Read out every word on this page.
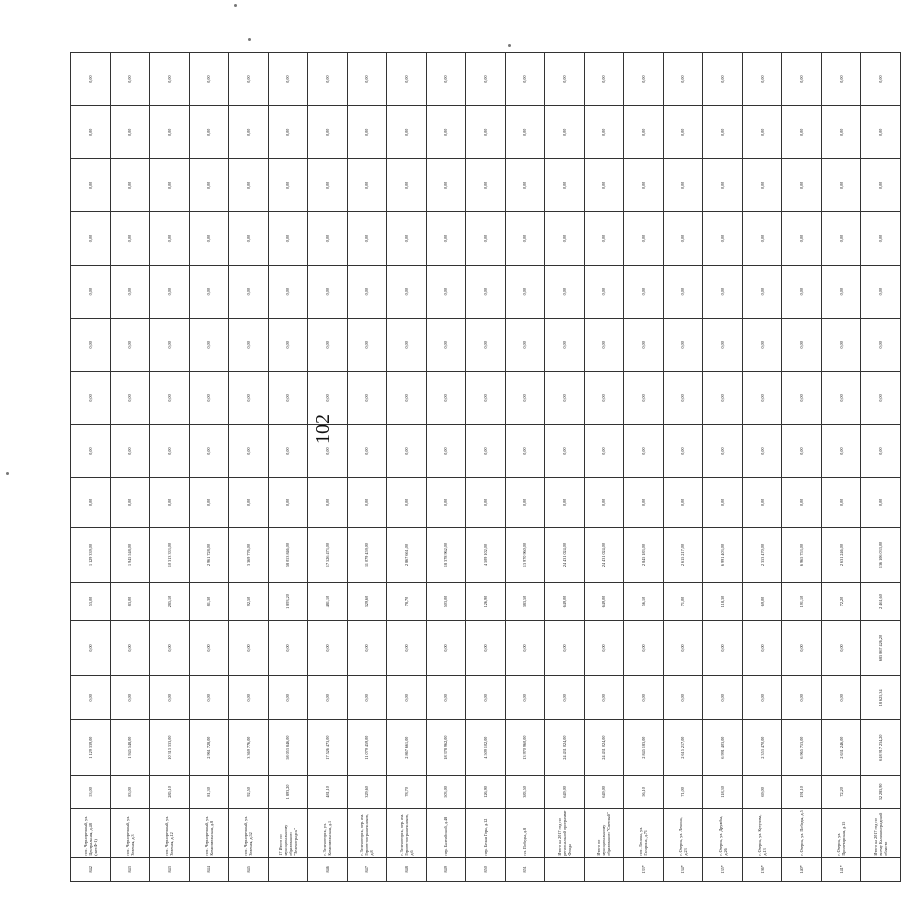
102
842	пос. Черноречный, ул. Центральная, д.48 (лит.Ф-1)	53,00	1 129 339,00	0,00	0,00	53,00	1 129 339,00	0,00	0,00	0,00	0,00	0,00	0,00	0,00	0,00	0,00
843	пос. Черноречный, ул. Зеленая, д.3	83,00	1 945 548,00	0,00	0,00	83,00	1 945 548,00	0,00	0,00	0,00	0,00	0,00	0,00	0,00	0,00	0,00
843	пос. Черноречный, ул. Зеленая, д.12	285,10	10 313 333,00	0,00	0,00	285,10	10 313 333,00	0,00	0,00	0,00	0,00	0,00	0,00	0,00	0,00	0,00
844	пос. Черноречный, ул. Комсомольская, д.8	81,30	2 961 728,00	0,00	0,00	81,30	2 961 728,00	0,00	0,00	0,00	0,00	0,00	0,00	0,00	0,00	0,00
845	пос. Черноречный, ул. Зеленая, д.52	92,50	3 369 776,00	0,00	0,00	92,50	3 369 776,00	0,00	0,00	0,00	0,00	0,00	0,00	0,00	0,00	0,00
	17 Итого по муниципальному образованию "Зеленоградск"	1 893,20	58 053 846,00	0,00	0,00	1 893,20	58 053 846,00	0,00	0,00	0,00	0,00	0,00	0,00	0,00	0,00	0,00
846	г. Зеленогорск, ул. Комсомольская, д.1	481,10	17 526 473,00	0,00	0,00	481,10	17 526 473,00	0,00	0,00	0,00	0,00	0,00	0,00	0,00	0,00	0,00
847	г. Зеленогорск, пер. им. Героев-пограничников, д.8	329,60	11 079 459,00	0,00	0,00	329,60	11 079 459,00	0,00	0,00	0,00	0,00	0,00	0,00	0,00	0,00	0,00
848	г. Зеленогорск, пер. им. Героев-пограничников, д.6	78,70	2 867 661,00	0,00	0,00	78,70	2 867 661,00	0,00	0,00	0,00	0,00	0,00	0,00	0,00	0,00	0,00
849	пер. Балтийский, д.48	503,00	18 378 962,00	0,00	0,00	503,00	18 378 962,00	0,00	0,00	0,00	0,00	0,00	0,00	0,00	0,00	0,00
850	пер. Белая Гора, д.12	126,90	4 509 102,00	0,00	0,00	126,90	4 509 102,00	0,00	0,00	0,00	0,00	0,00	0,00	0,00	0,00	0,00
851	пл. Победы, д.8	383,50	13 970 960,00	0,00	0,00	383,50	13 970 960,00	0,00	0,00	0,00	0,00	0,00	0,00	0,00	0,00	0,00
	Итого на 2017 год по региональной программе Фонда	649,00	24 431 024,00	0,00	0,00	649,00	24 431 024,00	0,00	0,00	0,00	0,00	0,00	0,00	0,00	0,00	0,00
	Итого по муниципальному образованию "Светлый"	649,00	24 431 024,00	0,00	0,00	649,00	24 431 024,00	0,00	0,00	0,00	0,00	0,00	0,00	0,00	0,00	0,00
133*	пос. Ленина, ул. Гагарина, д.71	56,10	2 845 183,00	0,00	0,00	56,10	2 845 183,00	0,00	0,00	0,00	0,00	0,00	0,00	0,00	0,00	0,00
134*	г. Озерск, ул. Ленина, д.23	71,00	2 615 217,00	0,00	0,00	71,00	2 615 217,00	0,00	0,00	0,00	0,00	0,00	0,00	0,00	0,00	0,00
135*	г. Озерск, ул. Дружбы, д.26	118,30	6 991 403,00	0,00	0,00	118,30	6 991 403,00	0,00	0,00	0,00	0,00	0,00	0,00	0,00	0,00	0,00
136*	г. Озерск, ул. Кутузова, д.13	69,00	2 353 470,00	0,00	0,00	69,00	2 353 470,00	0,00	0,00	0,00	0,00	0,00	0,00	0,00	0,00	0,00
140*	г. Озерск, ул. Победы, д.5	191,10	6 965 753,00	0,00	0,00	191,10	6 965 753,00	0,00	0,00	0,00	0,00	0,00	0,00	0,00	0,00	0,00
141*	г. Озерск, ул. Пролетарская, д.15	72,20	2 631 246,00	0,00	0,00	72,20	2 631 246,00	0,00	0,00	0,00	0,00	0,00	0,00	0,00	0,00	0,00
	Итого на 2017 год по всему Калининградской области	32 285,90	618 917 234,20	18 625,34	685 867 426,20	2 461,60	136 106 033,00	0,00	0,00	0,00	0,00	0,00	0,00	0,00	0,00	0,00
